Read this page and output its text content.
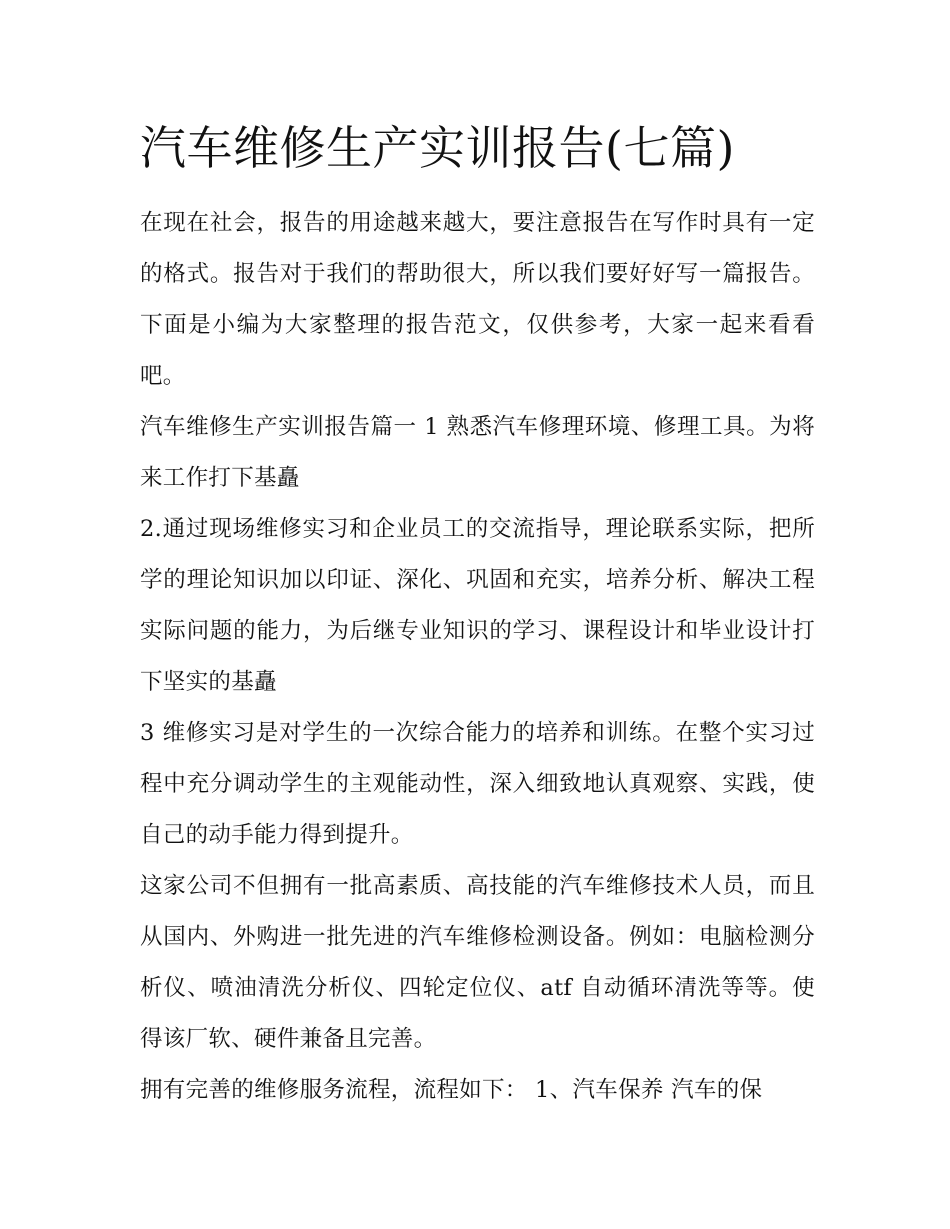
汽车维修生产实训报告(七篇)

在现在社会，报告的用途越来越大，要注意报告在写作时具有一定的格式。报告对于我们的帮助很大，所以我们要好好写一篇报告。下面是小编为大家整理的报告范文，仅供参考，大家一起来看看吧。

汽车维修生产实训报告篇一 1 熟悉汽车修理环境、修理工具。为将来工作打下基矗

2.通过现场维修实习和企业员工的交流指导，理论联系实际，把所学的理论知识加以印证、深化、巩固和充实，培养分析、解决工程实际问题的能力，为后继专业知识的学习、课程设计和毕业设计打下坚实的基矗

3 维修实习是对学生的一次综合能力的培养和训练。在整个实习过程中充分调动学生的主观能动性，深入细致地认真观察、实践，使自己的动手能力得到提升。

这家公司不但拥有一批高素质、高技能的汽车维修技术人员，而且从国内、外购进一批先进的汽车维修检测设备。例如：电脑检测分析仪、喷油清洗分析仪、四轮定位仪、atf 自动循环清洗等等。使得该厂软、硬件兼备且完善。

拥有完善的维修服务流程，流程如下： 1、汽车保养 汽车的保
